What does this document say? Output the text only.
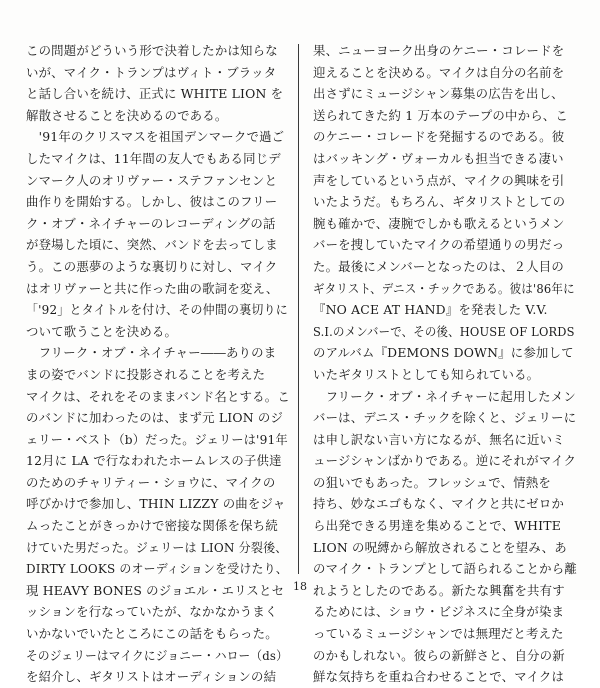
この問題がどういう形で決着したかは知らな
いが、マイク・トランプはヴィト・ブラッタ
と話し合いを続け、正式に WHITE LION を
解散させることを決めるのである。
　'91年のクリスマスを祖国デンマークで過ご
したマイクは、11年間の友人でもある同じデ
ンマーク人のオリヴァー・ステファンセンと
曲作りを開始する。しかし、彼はこのフリー
ク・オブ・ネイチャーのレコーディングの話
が登場した頃に、突然、バンドを去ってしま
う。この悪夢のような裏切りに対し、マイク
はオリヴァーと共に作った曲の歌詞を変え、
「'92」とタイトルを付け、その仲間の裏切りに
ついて歌うことを決める。
　フリーク・オブ・ネイチャー――ありのま
まの姿でバンドに投影されることを考えた
マイクは、それをそのままバンド名とする。こ
のバンドに加わったのは、まず元 LION のジ
ェリー・ベスト（b）だった。ジェリーは'91年
12月に LA で行なわれたホームレスの子供達
のためのチャリティー・ショウに、マイクの
呼びかけで参加し、THIN LIZZY の曲をジャ
ムったことがきっかけで密接な関係を保ち続
けていた男だった。ジェリーは LION 分裂後、
DIRTY LOOKS のオーディションを受けたり、
現 HEAVY BONES のジョエル・エリスとセ
ッションを行なっていたが、なかなかうまく
いかないでいたところにこの話をもらった。
そのジェリーはマイクにジョニー・ハロー（ds）
を紹介し、ギタリストはオーディションの結
果、ニューヨーク出身のケニー・コレードを
迎えることを決める。マイクは自分の名前を
出さずにミュージシャン募集の広告を出し、
送られてきた約 1 万本のテープの中から、こ
のケニー・コレードを発掘するのである。彼
はバッキング・ヴォーカルも担当できる凄い
声をしているという点が、マイクの興味を引
いたようだ。もちろん、ギタリストとしての
腕も確かで、凄腕でしかも歌えるというメン
バーを捜していたマイクの希望通りの男だっ
た。最後にメンバーとなったのは、２人目の
ギタリスト、デニス・チックである。彼は'86年に
『NO ACE AT HAND』を発表した V.V.
S.I.のメンバーで、その後、HOUSE OF LORDS
のアルバム『DEMONS DOWN』に参加して
いたギタリストとしても知られている。
　フリーク・オブ・ネイチャーに起用したメン
バーは、デニス・チックを除くと、ジェリーに
は申し訳ない言い方になるが、無名に近いミ
ュージシャンばかりである。逆にそれがマイク
の狙いでもあった。フレッシュで、情熱を
持ち、妙なエゴもなく、マイクと共にゼロか
ら出発できる男達を集めることで、WHITE
LION の呪縛から解放されることを望み、あ
のマイク・トランプとして語られることから離
れようとしたのである。新たな興奮を共有す
るためには、ショウ・ビジネスに全身が染ま
っているミュージシャンでは無理だと考えた
のかもしれない。彼らの新鮮さと、自分の新
鮮な気持ちを重ね合わせることで、マイクは
18
